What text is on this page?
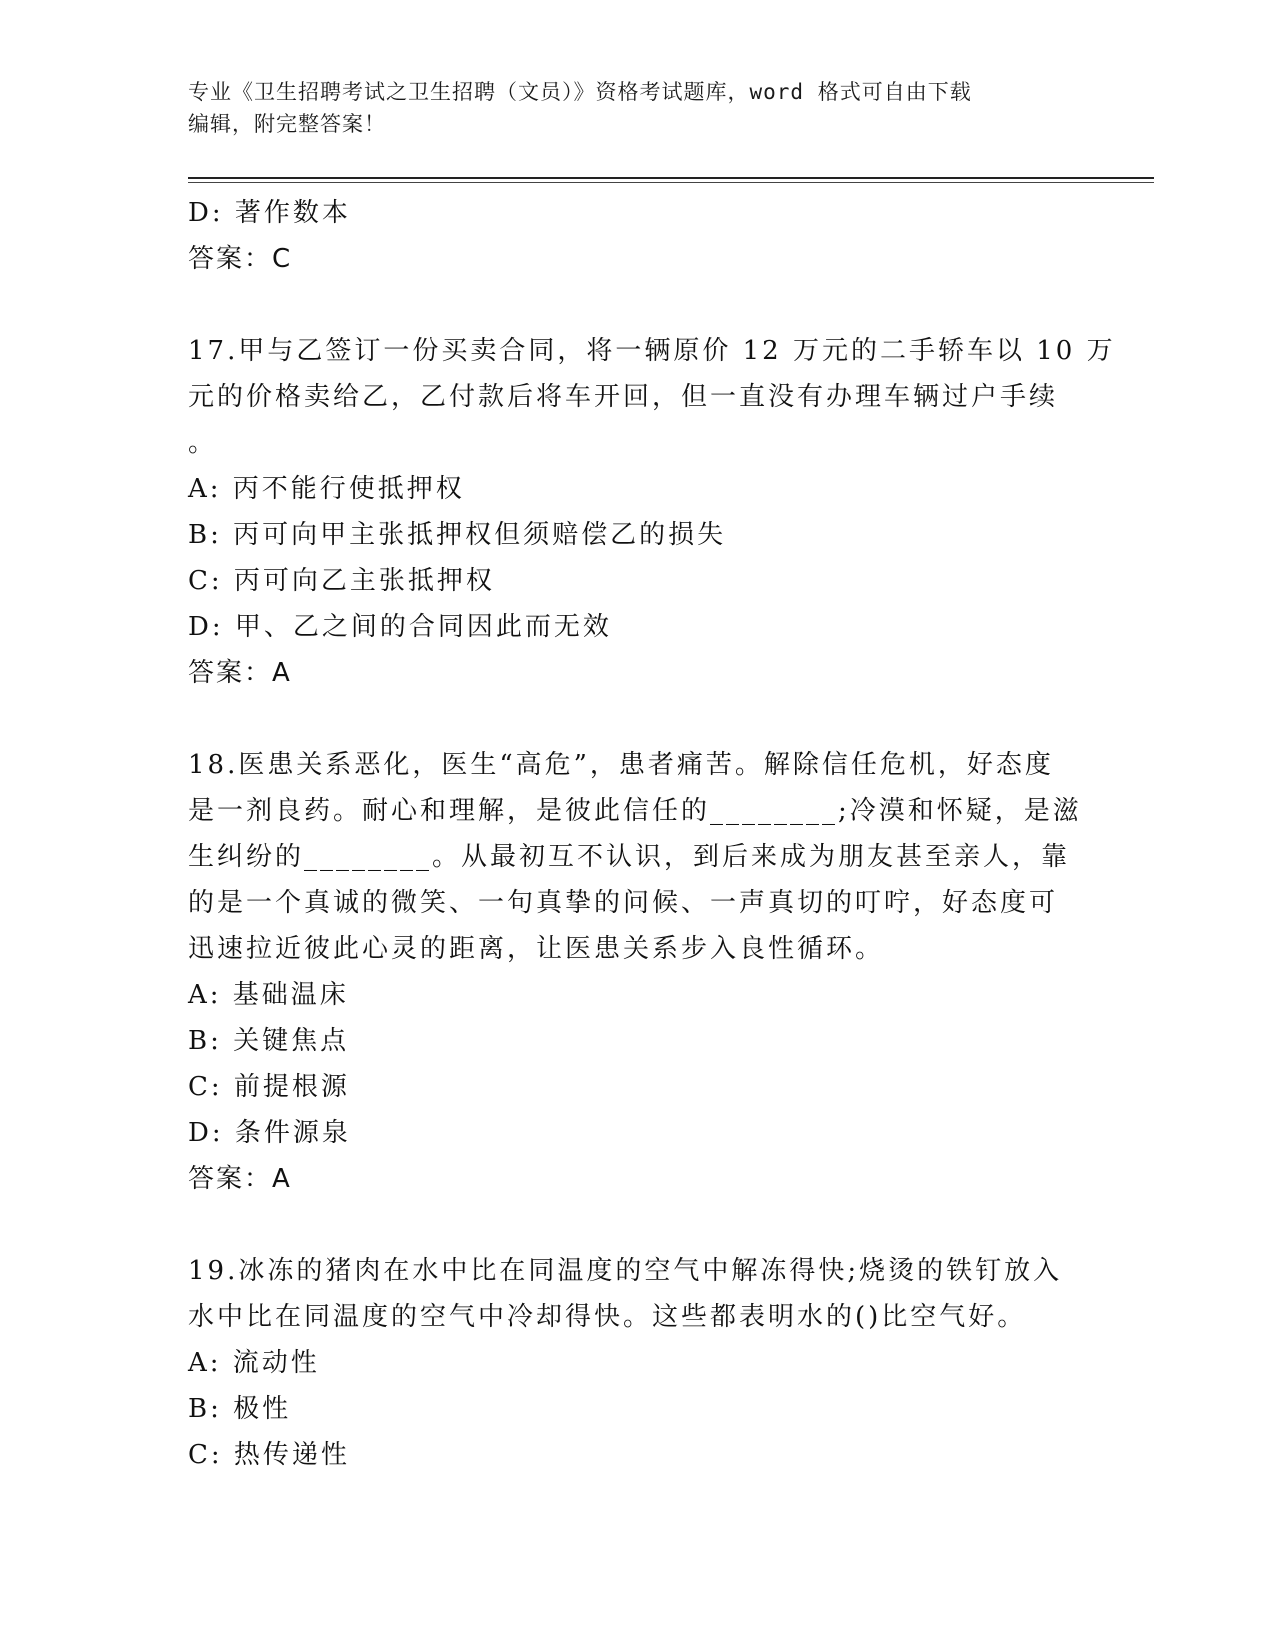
专业《卫生招聘考试之卫生招聘（文员）》资格考试题库，word 格式可自由下载
编辑，附完整答案！
D: 著作数本
答案：C
17.甲与乙签订一份买卖合同，将一辆原价 12 万元的二手轿车以 10 万
元的价格卖给乙，乙付款后将车开回，但一直没有办理车辆过户手续
。
A: 丙不能行使抵押权
B: 丙可向甲主张抵押权但须赔偿乙的损失
C: 丙可向乙主张抵押权
D: 甲、乙之间的合同因此而无效
答案：A
18.医患关系恶化，医生“高危”，患者痛苦。解除信任危机，好态度
是一剂良药。耐心和理解，是彼此信任的________;冷漠和怀疑，是滋
生纠纷的________。从最初互不认识，到后来成为朋友甚至亲人，靠
的是一个真诚的微笑、一句真挚的问候、一声真切的叮咛，好态度可
迅速拉近彼此心灵的距离，让医患关系步入良性循环。
A: 基础温床
B: 关键焦点
C: 前提根源
D: 条件源泉
答案：A
19.冰冻的猪肉在水中比在同温度的空气中解冻得快;烧烫的铁钉放入
水中比在同温度的空气中冷却得快。这些都表明水的()比空气好。
A: 流动性
B: 极性
C: 热传递性
